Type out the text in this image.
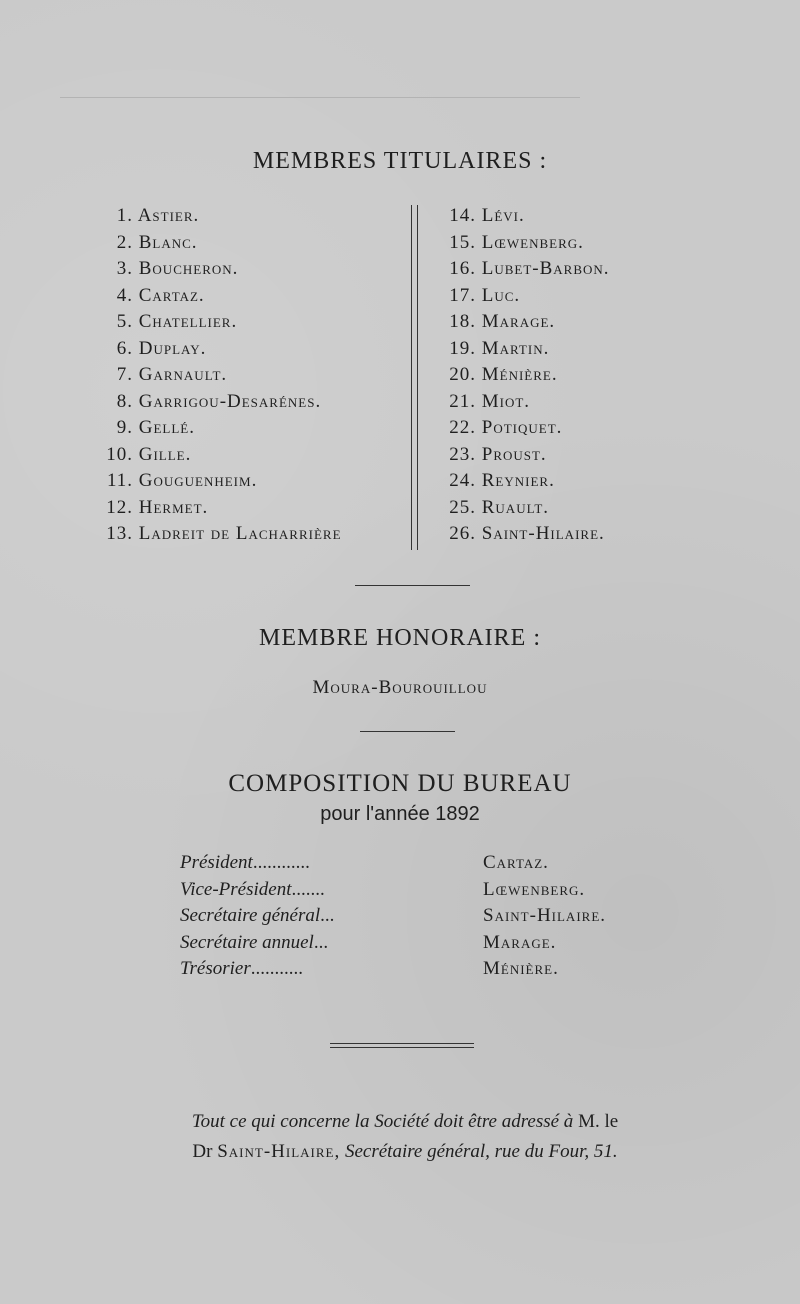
MEMBRES TITULAIRES :
1. Astier.
2. Blanc.
3. Boucheron.
4. Cartaz.
5. Chatellier.
6. Duplay.
7. Garnault.
8. Garrigou-Desarénes.
9. Gellé.
10. Gille.
11. Gouguenheim.
12. Hermet.
13. Ladreit de Lacharrière
14. Lévi.
15. Lœwenberg.
16. Lubet-Barbon.
17. Luc.
18. Marage.
19. Martin.
20. Ménière.
21. Miot.
22. Potiquet.
23. Proust.
24. Reynier.
25. Ruault.
26. Saint-Hilaire.
MEMBRE HONORAIRE :
Moura-Bourouillou
COMPOSITION DU BUREAU
pour l'année 1892
Président............
Vice-Président.......
Secrétaire général...
Secrétaire annuel...
Trésorier...........
Cartaz.
Lœwenberg.
Saint-Hilaire.
Marage.
Ménière.
Tout ce qui concerne la Société doit être adressé à M. le
Dr Saint-Hilaire, Secrétaire général, rue du Four, 51.
